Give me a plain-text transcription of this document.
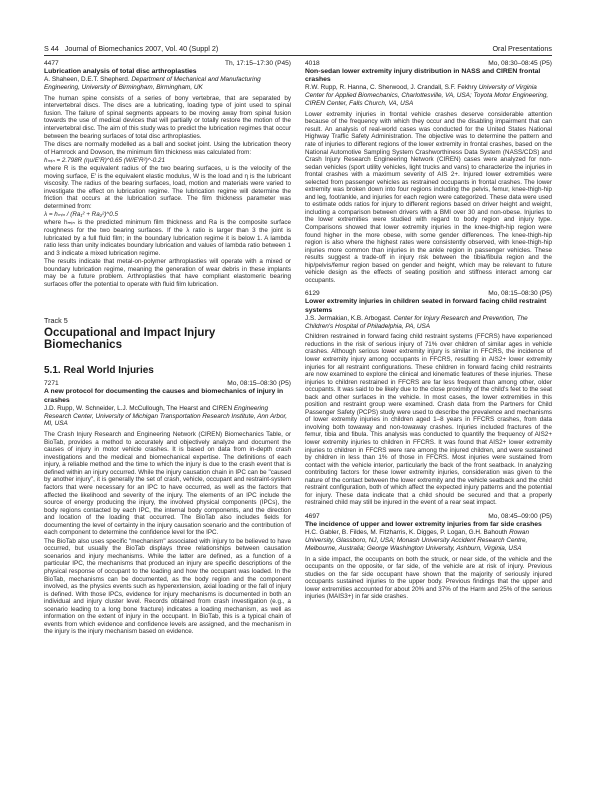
S 44 Journal of Biomechanics 2007, Vol. 40 (Suppl 2)	Oral Presentations
4477	Th, 17:15–17:30 (P45)
Lubrication analysis of total disc arthroplasties
A. Shaheen, D.E.T. Shepherd. Department of Mechanical and Manufacturing Engineering, University of Birmingham, Birmingham, UK

The human spine consists of a series of bony vertebrae, that are separated by intervertebral discs. The discs are a lubricating, loading type of joint used to spinal fusion. The failure of spinal segments appears to be moving away from spinal fusion towards the use of medical devices that will partially or totally restore the motion of the intervertebral disc. The aim of this study was to predict the lubrication regimes that occur between the bearing surfaces of total disc arthroplasties.

The discs are normally modelled as a ball and socket joint. Using the lubrication theory of Hamrock and Dowson, the minimum film thickness was calculated from:

hₘᵢₙ = 2.798R (ηu/E′R)^0.65 (W/E′R²)^-0.21

where R is the equivalent radius of the two bearing surfaces, u is the velocity of the moving surface, E′ is the equivalent elastic modulus, W is the load and η is the lubricant viscosity. The radius of the bearing surfaces, load, motion and materials were varied to investigate the effect on lubrication regime. The lubrication regime will determine the friction that occurs at the lubrication surface. The film thickness parameter was determined from:

λ = hₘᵢₙ / (Ra₁² + Ra₂²)^0.5

where hₘᵢₙ is the predicted minimum film thickness and Ra is the composite surface roughness for the two bearing surfaces. If the λ ratio is larger than 3 the joint is lubricated by a full fluid film; in the boundary lubrication regime it is below 1. A lambda ratio less than unity indicates boundary lubrication and values of lambda ratio between 1 and 3 indicate a mixed lubrication regime.

The results indicate that metal-on-polymer arthroplasties will operate with a mixed or boundary lubrication regime, meaning the generation of wear debris in these implants may be a future problem. Arthroplasties that have compliant elastomeric bearing surfaces offer the potential to operate with fluid film lubrication.

Track 5
Occupational and Impact Injury Biomechanics
5.1. Real World Injuries
7271	Mo, 08:15–08:30 (P5)
A new protocol for documenting the causes and biomechanics of injury in crashes
J.D. Rupp, W. Schneider, L.J. McCullough, The Hearst and CIREN Engineering Research Center, University of Michigan Transportation Research Institute, Ann Arbor, MI, USA

The Crash Injury Research and Engineering Network (CIREN) Biomechanics Table, or BioTab, provides a method to accurately and objectively analyze and document the causes of injury in motor vehicle crashes. It is based on data from in-depth crash investigations and the medical and biomechanical expertise. The definitions of each injury, a reliable method and the time to which the injury is due to the crash event that is defined within an injury occurred. While the injury causation chain in IPC can be "caused by another injury", it is generally the set of crash, vehicle, occupant and restraint-system factors that were necessary for an IPC to have occurred, as well as the factors that affected the likelihood and severity of the injury. The elements of an IPC include the source of energy producing the injury, the involved physical components (IPCs), the body regions contacted by each IPC, the internal body components, and the direction and location of the loading that occurred. The BioTab also includes fields for documenting the level of certainty in the injury causation scenario and the contribution of each component to determine the confidence level for the IPC.

The BioTab also uses specific "mechanism" associated with injury to be believed to have occurred, but usually the BioTab displays three relationships between causation scenarios and injury mechanisms. While the latter are defined, as a function of a particular IPC, the mechanisms that produced an injury are specific descriptions of the physical response of occupant to the loading and how the occupant was loaded. In the BioTab, mechanisms can be documented, as the body region and the component involved, as the physics events such as hyperextension, axial loading or the fall of injury is defined. With those IPCs, evidence for injury mechanisms is documented in both an individual and injury cluster level. Records obtained from crash investigation (e.g., a scenario leading to a long bone fracture) indicates a loading mechanism, as well as information on the extent of injury in the occupant. In BioTab, this is a typical chain of events from which evidence and confidence levels are assigned, and the mechanism in the injury is the injury mechanism based on evidence.

4018	Mo, 08:30–08:45 (P5)
Non-sedan lower extremity injury distribution in NASS and CIREN frontal crashes
R.W. Rupp, R. Hanna, C. Sherwood, J. Crandall, S.F. Fekhry University of Virginia Center for Applied Biomechanics, Charlottesville, VA, USA; Toyota Motor Engineering, CIREN Center, Falls Church, VA, USA

Lower extremity injuries in frontal vehicle crashes deserve considerable attention because of the frequency with which they occur and the disabling impairment that can result. An analysis of real-world cases was conducted for the United States National Highway Traffic Safety Administration. The objective was to determine the pattern and rate of injuries to different regions of the lower extremity in frontal crashes, based on the National Automotive Sampling System Crashworthiness Data System (NASS/CDS) and Crash Injury Research Engineering Network (CIREN) cases were analyzed for non-sedan vehicles (sport utility vehicles, light trucks and vans) to characterize the injuries in frontal crashes with a maximum severity of AIS 2+. Injured lower extremities were selected from passenger vehicles as restrained occupants in frontal crashes. The lower extremity was broken down into four regions including the pelvis, femur, knee-thigh-hip and leg, foot/ankle, and injuries for each region were categorized. These data were used to estimate odds ratios for injury to different regions based on driver height and weight, including a comparison between drivers with a BMI over 30 and non-obese. Injuries to the lower extremities were studied with regard to body region and injury type. Comparisons showed that lower extremity injuries in the knee-thigh-hip region were found higher in the more obese, with some gender differences. The knee-thigh-hip region is also where the highest rates were consistently observed, with knee-thigh-hip injuries more common than injuries in the ankle region in passenger vehicles. These results suggest a trade-off in injury risk between the tibia/fibula region and the hip/pelvis/femur region based on gender and height, which may be relevant to future vehicle design as the effects of seating position and stiffness interact among car occupants.

6129	Mo, 08:15–08:30 (P5)
Lower extremity injuries in children seated in forward facing child restraint systems
J.S. Jermakian, K.B. Arbogast. Center for Injury Research and Prevention, The Children's Hospital of Philadelphia, PA, USA

Children restrained in forward facing child restraint systems (FFCRS) have experienced reductions in the risk of serious injury of 71% over children of similar ages in vehicle crashes. Although serious lower extremity injury is similar in FFCRS, the incidence of lower extremity injury among occupants in FFCRS, resulting in AIS2+ lower extremity injuries for all restraint configurations. These children in forward facing child restraints are now examined to explore the clinical and kinematic features of these injuries. These injuries to children restrained in FFCRS are far less frequent than among other, older occupants. It was said to be likely due to the close proximity of the child's feet to the seat back and other surfaces in the vehicle. In most cases, the lower extremities in this position and restraint group were examined. Crash data from the Partners for Child Passenger Safety (PCPS) study were used to describe the prevalence and mechanisms of lower extremity injuries in children aged 1–8 years in FFCRS crashes, from data involving both towaway and non-towaway crashes. Injuries included fractures of the femur, tibia and fibula. This analysis was conducted to quantify the frequency of AIS2+ lower extremity injuries to children in FFCRS. It was found that AIS2+ lower extremity injuries to children in FFCRS were rare among the injured children, and were sustained by children in less than 1% of those in FFCRS. Most injuries were sustained from contact with the vehicle interior, particularly the back of the front seatback. In analyzing contributing factors for these lower extremity injuries, consideration was given to the nature of the contact between the lower extremity and the vehicle seatback and the child restraint configuration, both of which affect the expected injury patterns and the potential for injury. These data indicate that a child should be secured and that a properly restrained child may still be injured in the event of a rear seat impact.

4697	Mo, 08:45–09:00 (P5)
The incidence of upper and lower extremity injuries from far side crashes
H.C. Gabler, B. Fildes, M. Fitzharris, K. Digges, P. Logan, G.H. Bahouth Rowan University, Glassboro, NJ, USA; Monash University Accident Research Centre, Melbourne, Australia; George Washington University, Ashburn, Virginia, USA

In a side impact, the occupants on both the struck, or near side, of the vehicle and the occupants on the opposite, or far side, of the vehicle are at risk of injury. Previous studies on the far side occupant have shown that the majority of seriously injured occupants sustained injuries to the upper body. Previous findings that the upper and lower extremities accounted for about 20% and 37% of the Harm and 25% of the serious injuries (MAIS3+) in far side crashes.
